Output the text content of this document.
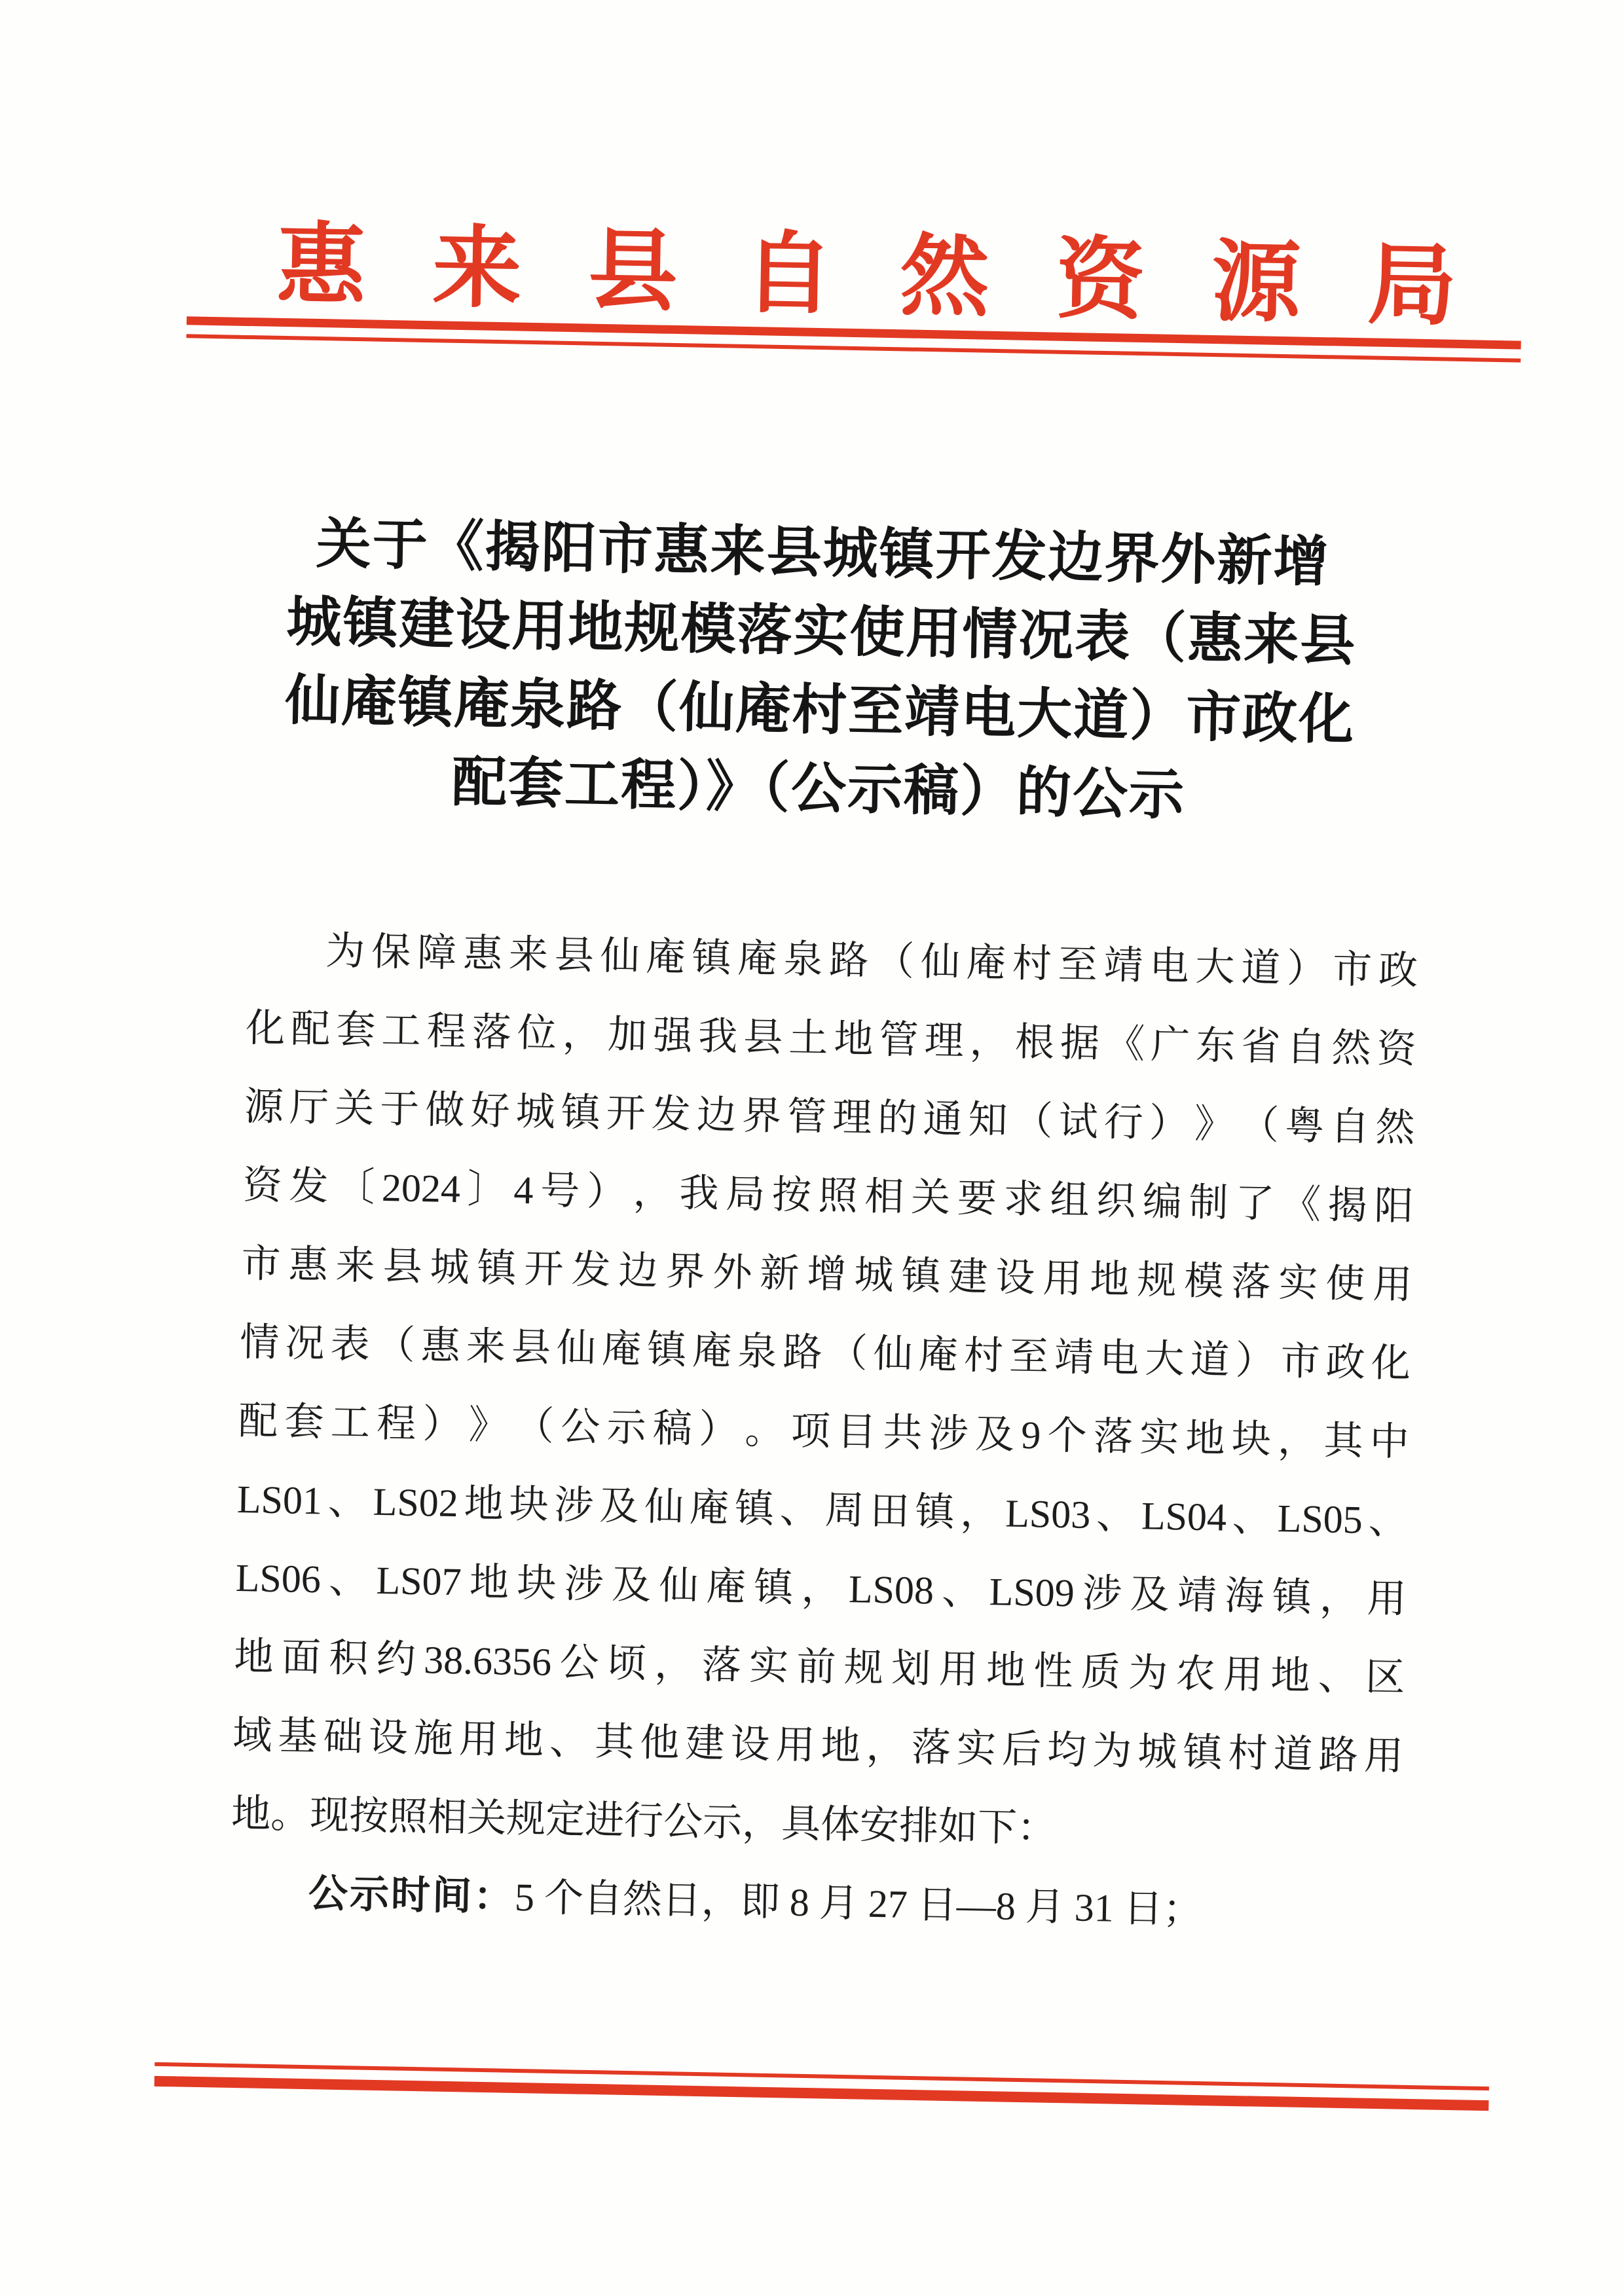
惠 来 县 自 然 资 源 局
关于《揭阳市惠来县城镇开发边界外新增
城镇建设用地规模落实使用情况表（惠来县
仙庵镇庵泉路（仙庵村至靖电大道）市政化
配套工程）》（公示稿）的公示
为 保 障 惠 来 县 仙 庵 镇 庵 泉 路 （ 仙 庵 村 至 靖 电 大 道 ） 市 政
化 配 套 工 程 落 位 ， 加 强 我 县 土 地 管 理 ， 根 据 《 广 东 省 自 然 资
源 厅 关 于 做 好 城 镇 开 发 边 界 管 理 的 通 知 （ 试 行 ） 》 （ 粤 自 然
资 发 〔 2024 〕 4 号 ） ， 我 局 按 照 相 关 要 求 组 织 编 制 了 《 揭 阳
市 惠 来 县 城 镇 开 发 边 界 外 新 增 城 镇 建 设 用 地 规 模 落 实 使 用
情 况 表 （ 惠 来 县 仙 庵 镇 庵 泉 路 （ 仙 庵 村 至 靖 电 大 道 ） 市 政 化
配 套 工 程 ） 》 （ 公 示 稿 ） 。 项 目 共 涉 及 9 个 落 实 地 块 ， 其 中
LS01 、 LS02 地 块 涉 及 仙 庵 镇 、 周 田 镇 ， LS03 、 LS04 、 LS05 、
LS06 、 LS07 地 块 涉 及 仙 庵 镇 ， LS08 、 LS09 涉 及 靖 海 镇 ， 用
地 面 积 约 38.6356 公 顷 ， 落 实 前 规 划 用 地 性 质 为 农 用 地 、 区
域 基 础 设 施 用 地 、 其 他 建 设 用 地 ， 落 实 后 均 为 城 镇 村 道 路 用
地。现按照相关规定进行公示，具体安排如下：
公示时间：5 个自然日，即 8 月 27 日—8 月 31 日；
